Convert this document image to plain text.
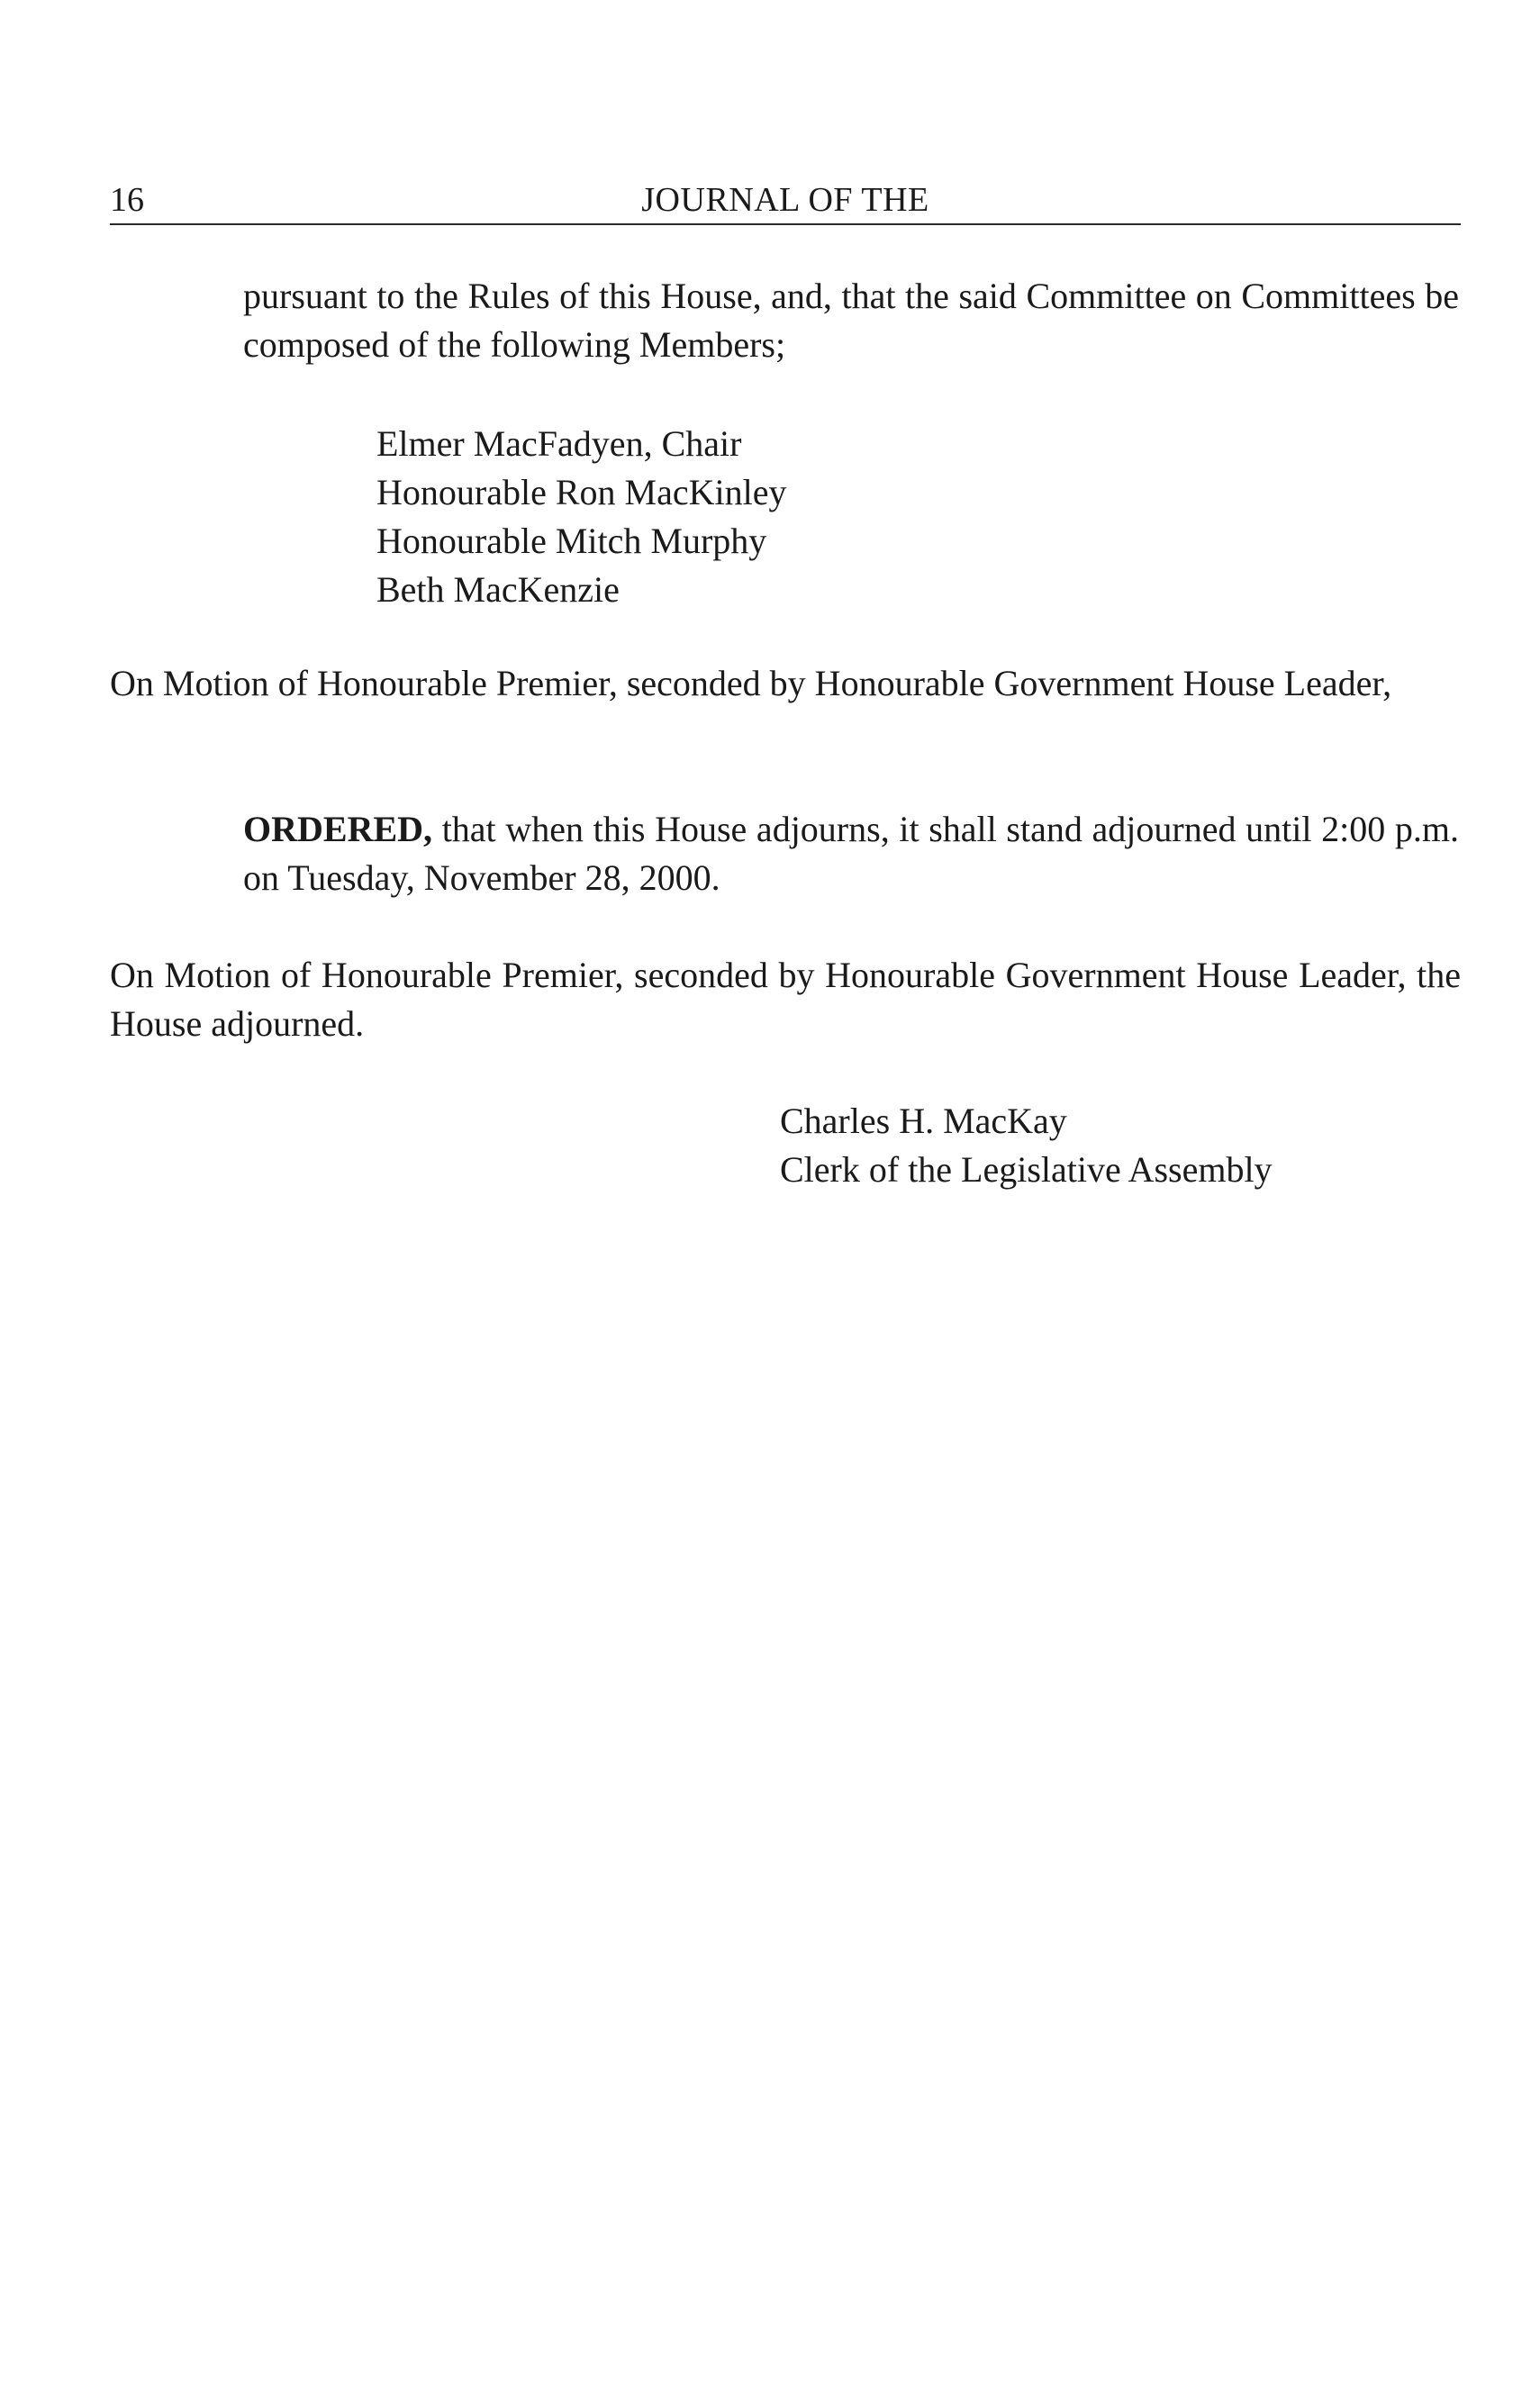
16	JOURNAL OF THE

pursuant to the Rules of this House, and, that the said Committee on Committees be composed of the following Members;

Elmer MacFadyen, Chair
Honourable Ron MacKinley
Honourable Mitch Murphy
Beth MacKenzie

On Motion of Honourable Premier, seconded by Honourable Government House Leader,

ORDERED, that when this House adjourns, it shall stand adjourned until 2:00 p.m. on Tuesday, November 28, 2000.

On Motion of Honourable Premier, seconded by Honourable Government House Leader, the House adjourned.

Charles H. MacKay
Clerk of the Legislative Assembly
